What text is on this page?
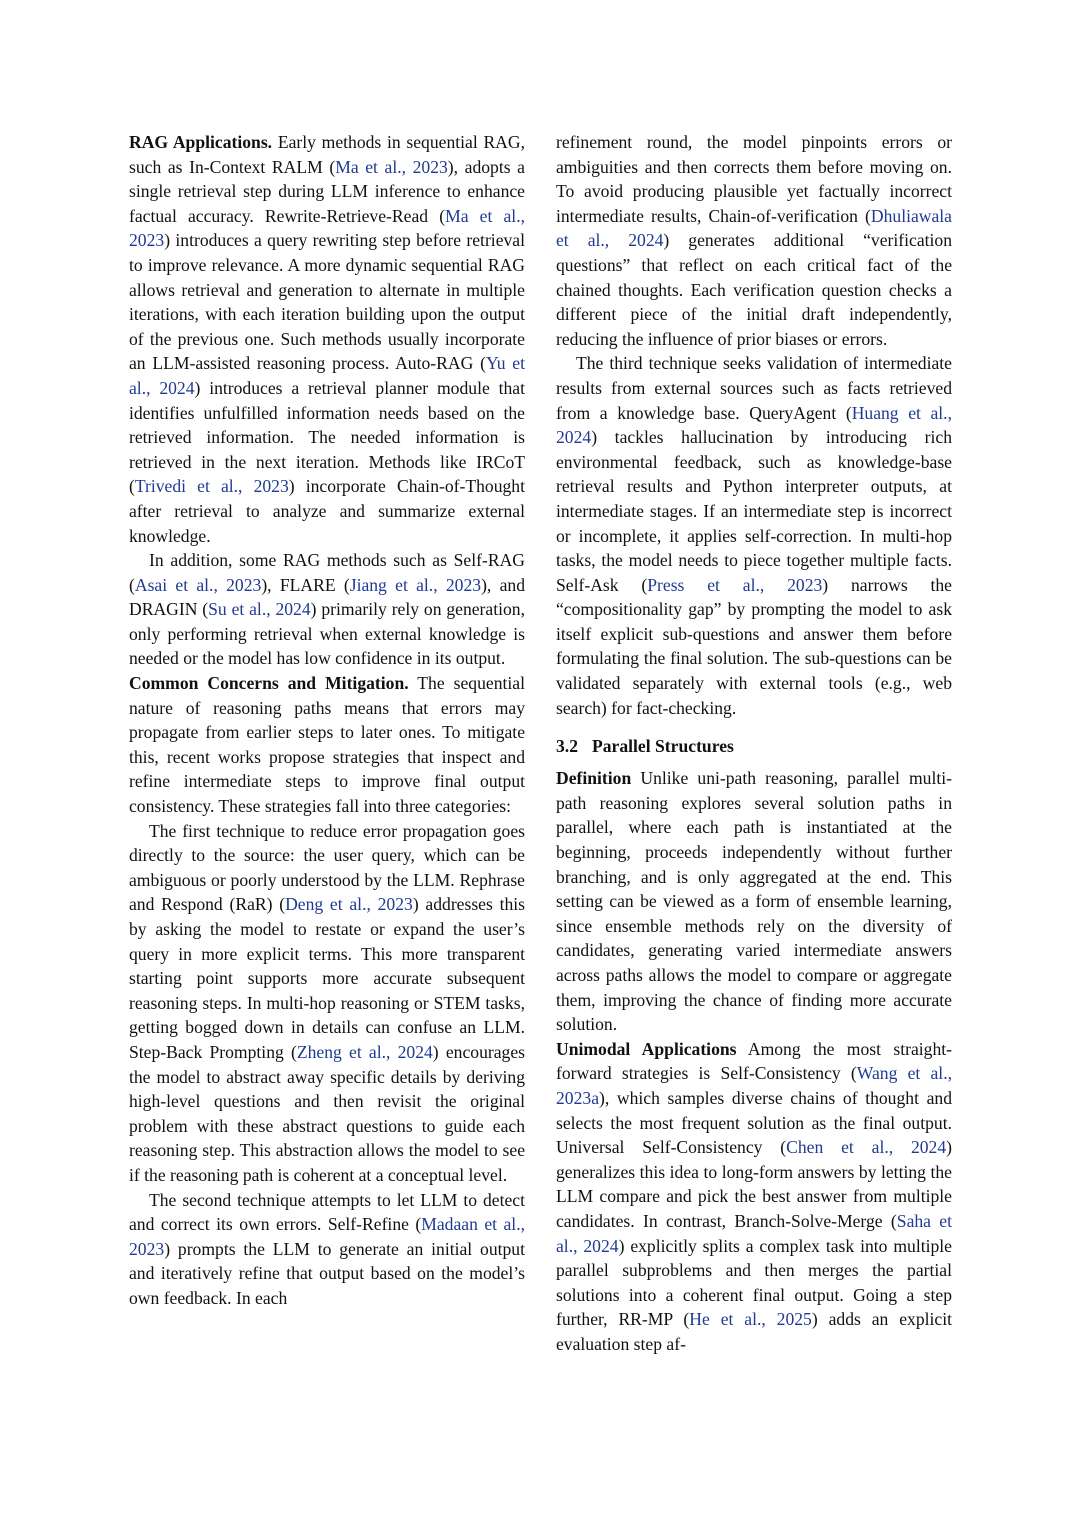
RAG Applications. Early methods in sequential RAG, such as In-Context RALM (Ma et al., 2023), adopts a single retrieval step during LLM inference to enhance factual accuracy. Rewrite-Retrieve-Read (Ma et al., 2023) introduces a query rewriting step before retrieval to improve relevance. A more dynamic sequential RAG allows retrieval and generation to alternate in multiple iterations, with each iteration building upon the output of the previous one. Such methods usually incorporate an LLM-assisted reasoning process. Auto-RAG (Yu et al., 2024) introduces a retrieval planner module that identifies unfulfilled information needs based on the retrieved information. The needed information is retrieved in the next iteration. Methods like IRCoT (Trivedi et al., 2023) incorporate Chain-of-Thought after retrieval to analyze and summarize external knowledge.

In addition, some RAG methods such as Self-RAG (Asai et al., 2023), FLARE (Jiang et al., 2023), and DRAGIN (Su et al., 2024) primarily rely on generation, only performing retrieval when external knowledge is needed or the model has low confidence in its output.

Common Concerns and Mitigation. The sequential nature of reasoning paths means that errors may propagate from earlier steps to later ones. To mitigate this, recent works propose strategies that inspect and refine intermediate steps to improve final output consistency. These strategies fall into three categories:

The first technique to reduce error propagation goes directly to the source: the user query, which can be ambiguous or poorly understood by the LLM. Rephrase and Respond (RaR) (Deng et al., 2023) addresses this by asking the model to restate or expand the user’s query in more explicit terms. This more transparent starting point supports more accurate subsequent reasoning steps. In multi-hop reasoning or STEM tasks, getting bogged down in details can confuse an LLM. Step-Back Prompting (Zheng et al., 2024) encourages the model to abstract away specific details by deriving high-level questions and then revisit the original problem with these abstract questions to guide each reasoning step. This abstraction allows the model to see if the reasoning path is coherent at a conceptual level.

The second technique attempts to let LLM to detect and correct its own errors. Self-Refine (Madaan et al., 2023) prompts the LLM to generate an initial output and iteratively refine that output based on the model’s own feedback. In each

refinement round, the model pinpoints errors or ambiguities and then corrects them before moving on. To avoid producing plausible yet factually incorrect intermediate results, Chain-of-verification (Dhuliawala et al., 2024) generates additional “verification questions” that reflect on each critical fact of the chained thoughts. Each verification question checks a different piece of the initial draft independently, reducing the influence of prior biases or errors.

The third technique seeks validation of intermediate results from external sources such as facts retrieved from a knowledge base. QueryAgent (Huang et al., 2024) tackles hallucination by introducing rich environmental feedback, such as knowledge-base retrieval results and Python interpreter outputs, at intermediate stages. If an intermediate step is incorrect or incomplete, it applies self-correction. In multi-hop tasks, the model needs to piece together multiple facts. Self-Ask (Press et al., 2023) narrows the “compositionality gap” by prompting the model to ask itself explicit sub-questions and answer them before formulating the final solution. The sub-questions can be validated separately with external tools (e.g., web search) for fact-checking.

3.2 Parallel Structures

Definition Unlike uni-path reasoning, parallel multi-path reasoning explores several solution paths in parallel, where each path is instantiated at the beginning, proceeds independently without further branching, and is only aggregated at the end. This setting can be viewed as a form of ensemble learning, since ensemble methods rely on the diversity of candidates, generating varied intermediate answers across paths allows the model to compare or aggregate them, improving the chance of finding more accurate solution.

Unimodal Applications Among the most straightforward strategies is Self-Consistency (Wang et al., 2023a), which samples diverse chains of thought and selects the most frequent solution as the final output. Universal Self-Consistency (Chen et al., 2024) generalizes this idea to long-form answers by letting the LLM compare and pick the best answer from multiple candidates. In contrast, Branch-Solve-Merge (Saha et al., 2024) explicitly splits a complex task into multiple parallel subproblems and then merges the partial solutions into a coherent final output. Going a step further, RR-MP (He et al., 2025) adds an explicit evaluation step af-
